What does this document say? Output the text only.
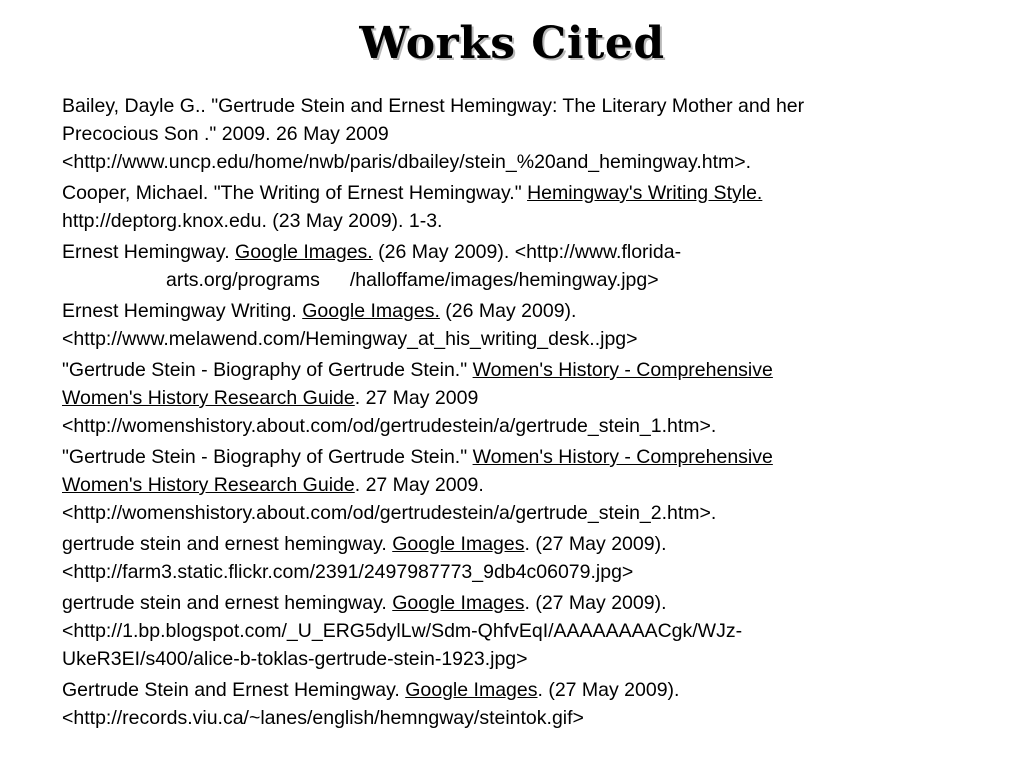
Works Cited

Bailey, Dayle G.. "Gertrude Stein and Ernest Hemingway: The Literary Mother and her
Precocious Son ." 2009. 26 May 2009
<http://www.uncp.edu/home/nwb/paris/dbailey/stein_%20and_hemingway.htm>.

Cooper, Michael. "The Writing of Ernest Hemingway." Hemingway's Writing Style.
http://deptorg.knox.edu. (23 May 2009). 1-3.

Ernest Hemingway. Google Images. (26 May 2009). <http://www.florida-
arts.org/programs /halloffame/images/hemingway.jpg>

Ernest Hemingway Writing. Google Images. (26 May 2009).
<http://www.melawend.com/Hemingway_at_his_writing_desk..jpg>

"Gertrude Stein - Biography of Gertrude Stein." Women's History - Comprehensive
Women's History Research Guide. 27 May 2009
<http://womenshistory.about.com/od/gertrudestein/a/gertrude_stein_1.htm>.

"Gertrude Stein - Biography of Gertrude Stein." Women's History - Comprehensive
Women's History Research Guide. 27 May 2009.
<http://womenshistory.about.com/od/gertrudestein/a/gertrude_stein_2.htm>.

gertrude stein and ernest hemingway. Google Images. (27 May 2009).
<http://farm3.static.flickr.com/2391/2497987773_9db4c06079.jpg>

gertrude stein and ernest hemingway. Google Images. (27 May 2009).
<http://1.bp.blogspot.com/_U_ERG5dylLw/Sdm-QhfvEqI/AAAAAAAACgk/WJz-
UkeR3EI/s400/alice-b-toklas-gertrude-stein-1923.jpg>

Gertrude Stein and Ernest Hemingway. Google Images. (27 May 2009).
<http://records.viu.ca/~lanes/english/hemngway/steintok.gif>
